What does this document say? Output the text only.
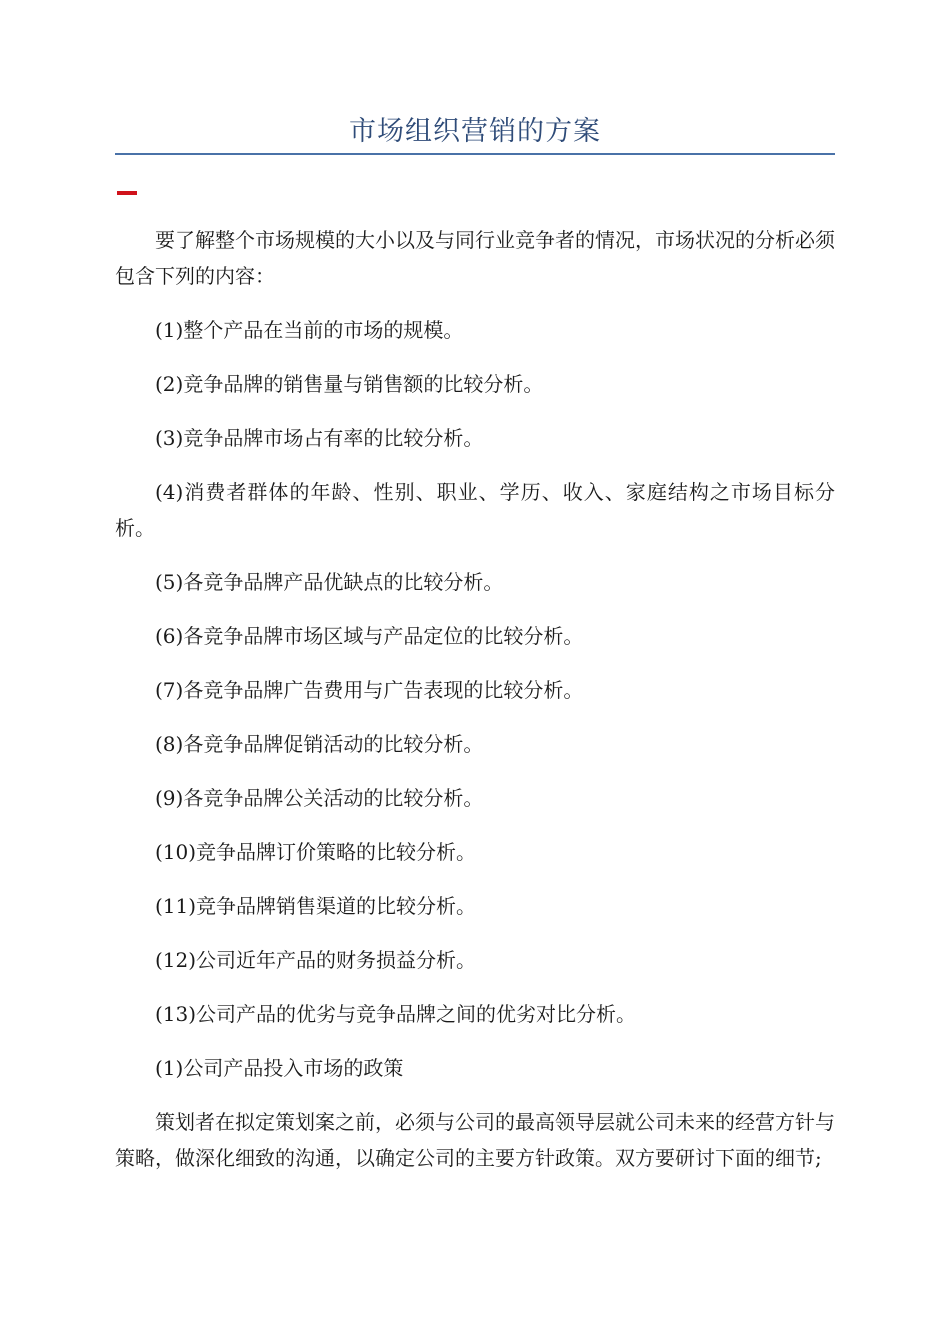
市场组织营销的方案

要了解整个市场规模的大小以及与同行业竞争者的情况，市场状况的分析必须包含下列的内容：

(1)整个产品在当前的市场的规模。

(2)竞争品牌的销售量与销售额的比较分析。

(3)竞争品牌市场占有率的比较分析。

(4)消费者群体的年龄、性别、职业、学历、收入、家庭结构之市场目标分析。

(5)各竞争品牌产品优缺点的比较分析。

(6)各竞争品牌市场区域与产品定位的比较分析。

(7)各竞争品牌广告费用与广告表现的比较分析。

(8)各竞争品牌促销活动的比较分析。

(9)各竞争品牌公关活动的比较分析。

(10)竞争品牌订价策略的比较分析。

(11)竞争品牌销售渠道的比较分析。

(12)公司近年产品的财务损益分析。

(13)公司产品的优劣与竞争品牌之间的优劣对比分析。

(1)公司产品投入市场的政策

策划者在拟定策划案之前，必须与公司的最高领导层就公司未来的经营方针与策略，做深化细致的沟通，以确定公司的主要方针政策。双方要研讨下面的细节;
